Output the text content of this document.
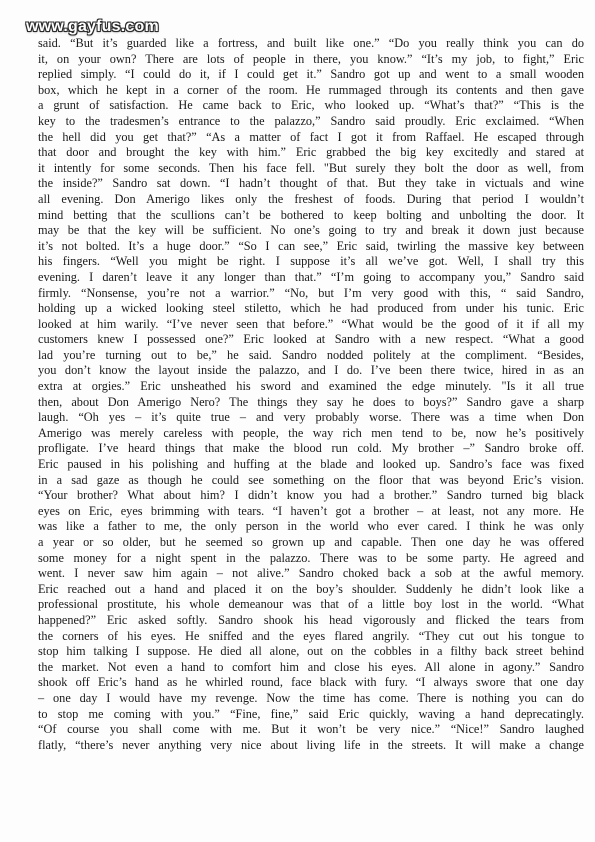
www.gayfus.com
said. “But it’s guarded like a fortress, and built like one.” “Do you really think you can do
it, on your own? There are lots of people in there, you know.” “It’s my job, to fight,” Eric
replied simply. “I could do it, if I could get it.” Sandro got up and went to a small wooden
box, which he kept in a corner of the room. He rummaged through its contents and then gave
a grunt of satisfaction. He came back to Eric, who looked up. “What’s that?” “This is the
key to the tradesmen’s entrance to the palazzo,” Sandro said proudly. Eric exclaimed. “When
the hell did you get that?” “As a matter of fact I got it from Raffael. He escaped through
that door and brought the key with him.” Eric grabbed the big key excitedly and stared at
it intently for some seconds. Then his face fell. "But surely they bolt the door as well, from
the inside?” Sandro sat down. “I hadn’t thought of that. But they take in victuals and wine
all evening. Don Amerigo likes only the freshest of foods. During that period I wouldn’t
mind betting that the scullions can’t be bothered to keep bolting and unbolting the door. It
may be that the key will be sufficient. No one’s going to try and break it down just because
it’s not bolted. It’s a huge door.” “So I can see,” Eric said, twirling the massive key between
his fingers. “Well you might be right. I suppose it’s all we’ve got. Well, I shall try this
evening. I daren’t leave it any longer than that.” “I’m going to accompany you,” Sandro said
firmly. “Nonsense, you’re not a warrior.” “No, but I’m very good with this, “ said Sandro,
holding up a wicked looking steel stiletto, which he had produced from under his tunic. Eric
looked at him warily. “I’ve never seen that before.” “What would be the good of it if all my
customers knew I possessed one?” Eric looked at Sandro with a new respect. “What a good
lad you’re turning out to be,” he said. Sandro nodded politely at the compliment. “Besides,
you don’t know the layout inside the palazzo, and I do. I’ve been there twice, hired in as an
extra at orgies.” Eric unsheathed his sword and examined the edge minutely. "Is it all true
then, about Don Amerigo Nero? The things they say he does to boys?” Sandro gave a sharp
laugh. “Oh yes – it’s quite true – and very probably worse. There was a time when Don
Amerigo was merely careless with people, the way rich men tend to be, now he’s positively
profligate. I’ve heard things that make the blood run cold. My brother –” Sandro broke off.
Eric paused in his polishing and huffing at the blade and looked up. Sandro’s face was fixed
in a sad gaze as though he could see something on the floor that was beyond Eric’s vision.
“Your brother? What about him? I didn’t know you had a brother.” Sandro turned big black
eyes on Eric, eyes brimming with tears. “I haven’t got a brother – at least, not any more. He
was like a father to me, the only person in the world who ever cared. I think he was only
a year or so older, but he seemed so grown up and capable. Then one day he was offered
some money for a night spent in the palazzo. There was to be some party. He agreed and
went. I never saw him again – not alive.” Sandro choked back a sob at the awful memory.
Eric reached out a hand and placed it on the boy’s shoulder. Suddenly he didn’t look like a
professional prostitute, his whole demeanour was that of a little boy lost in the world. “What
happened?” Eric asked softly. Sandro shook his head vigorously and flicked the tears from
the corners of his eyes. He sniffed and the eyes flared angrily. “They cut out his tongue to
stop him talking I suppose. He died all alone, out on the cobbles in a filthy back street behind
the market. Not even a hand to comfort him and close his eyes. All alone in agony.” Sandro
shook off Eric’s hand as he whirled round, face black with fury. “I always swore that one day
– one day I would have my revenge. Now the time has come. There is nothing you can do
to stop me coming with you.” “Fine, fine,” said Eric quickly, waving a hand deprecatingly.
“Of course you shall come with me. But it won’t be very nice.” “Nice!” Sandro laughed
flatly, “there’s never anything very nice about living life in the streets. It will make a change
